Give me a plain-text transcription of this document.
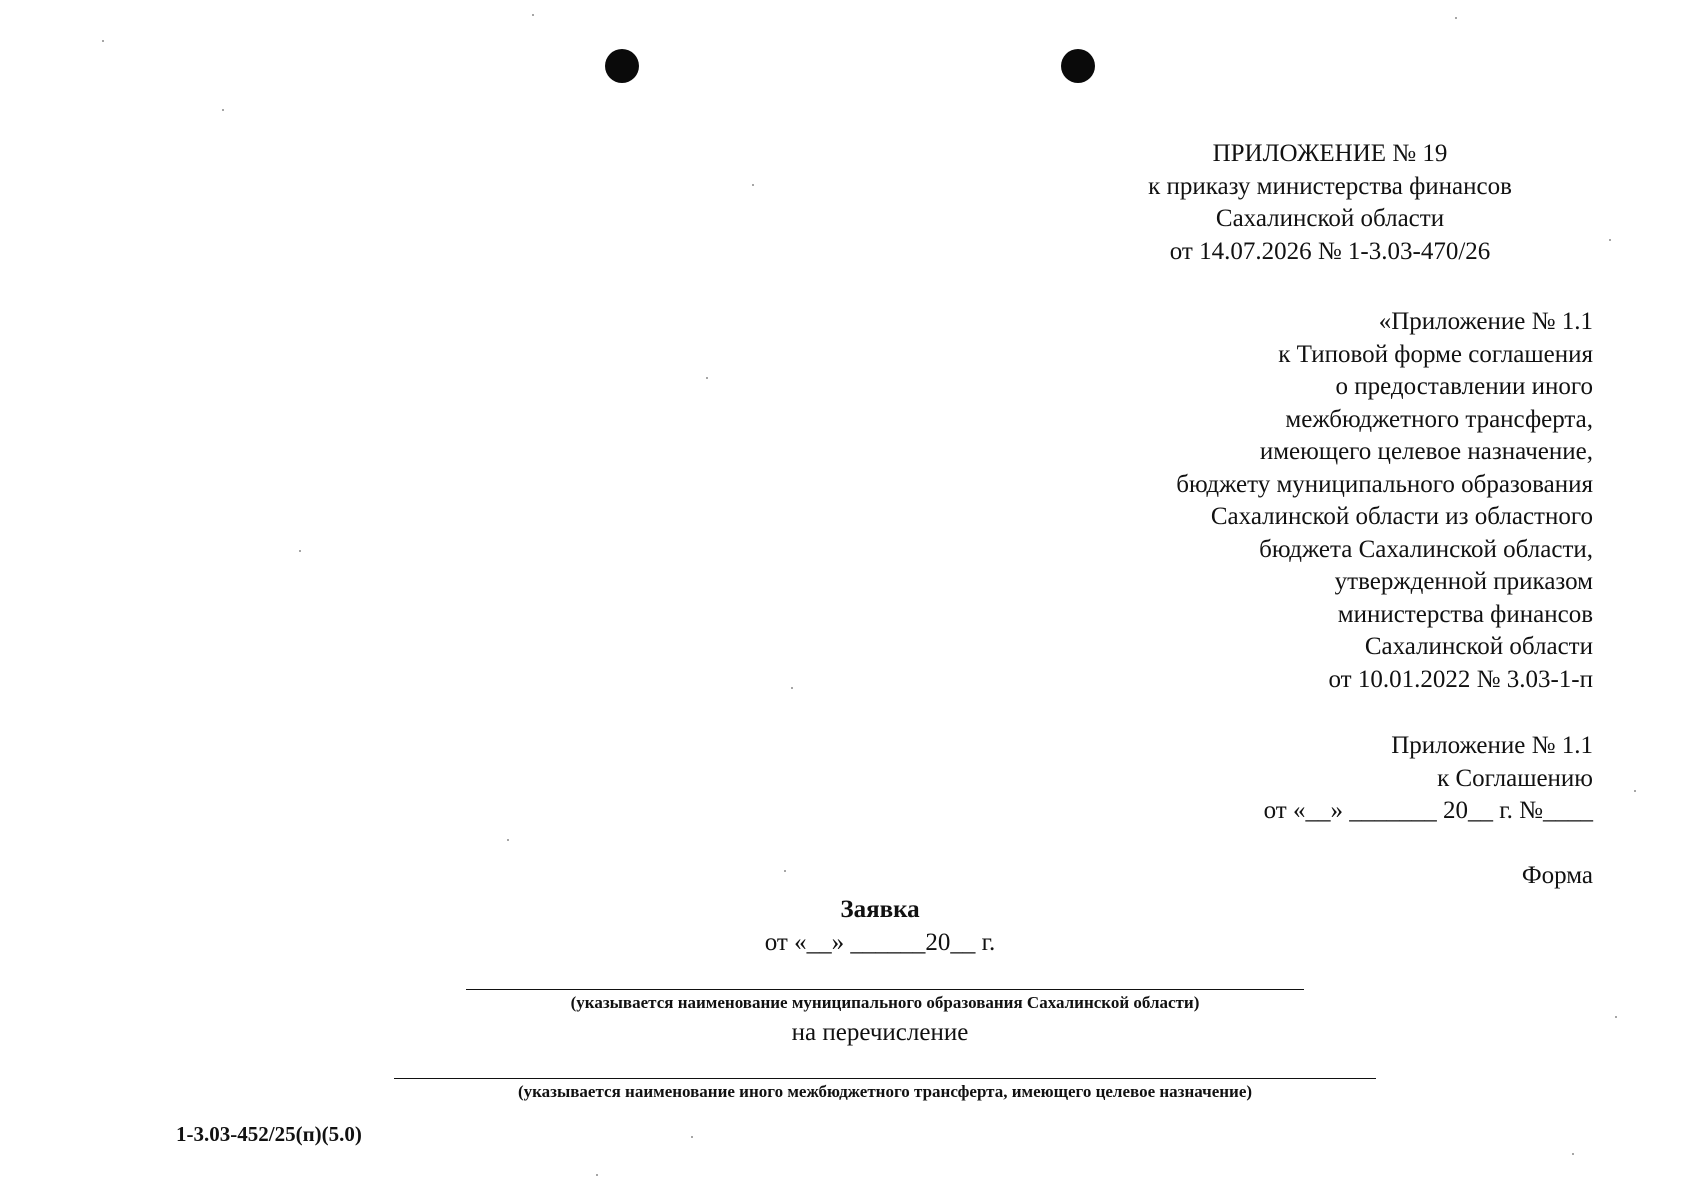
ПРИЛОЖЕНИЕ № 19
к приказу министерства финансов
Сахалинской области
от 14.07.2026 № 1-3.03-470/26
«Приложение № 1.1
к Типовой форме соглашения
о предоставлении иного
межбюджетного трансферта,
имеющего целевое назначение,
бюджету муниципального образования
Сахалинской области из областного
бюджета Сахалинской области,
утвержденной приказом
министерства финансов
Сахалинской области
от 10.01.2022 № 3.03-1-п
Приложение № 1.1
к Соглашению
от «__» _______ 20__ г. №____
Форма
Заявка
от «__» ______20__ г.
(указывается наименование муниципального образования Сахалинской области)
на перечисление
(указывается наименование иного межбюджетного трансферта, имеющего целевое назначение)
1-3.03-452/25(п)(5.0)
